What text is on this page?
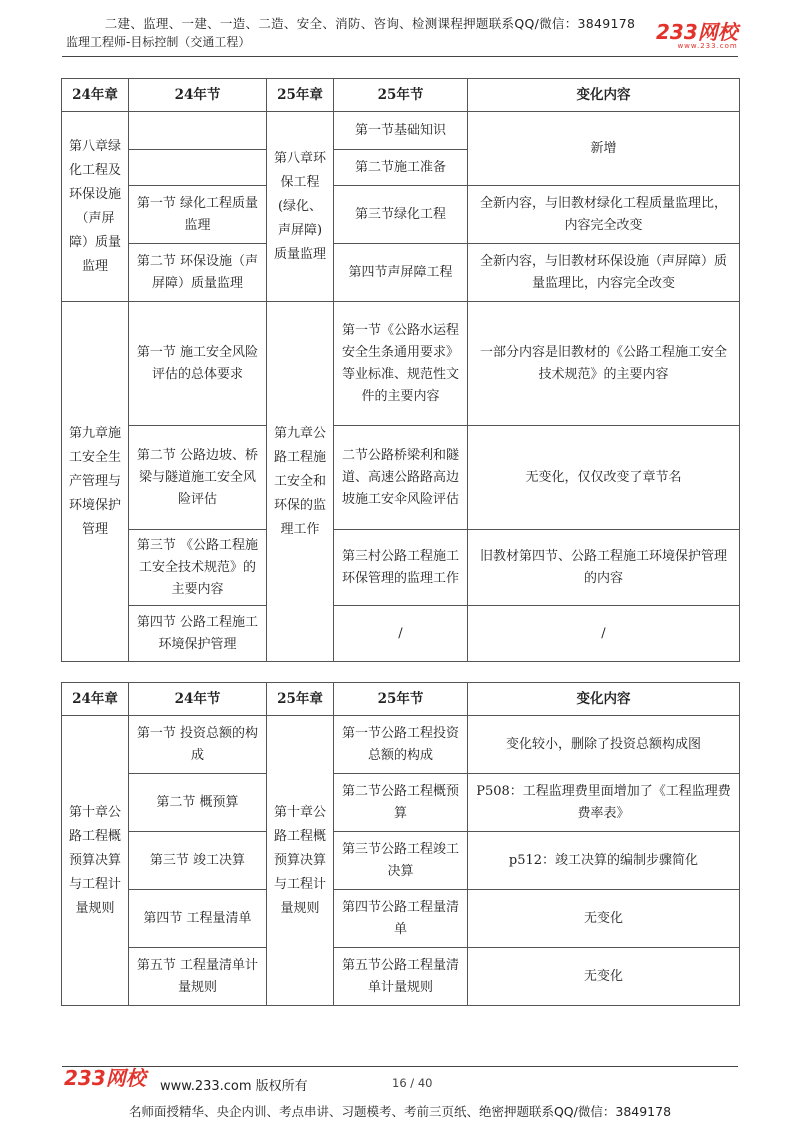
二建、监理、一建、一造、二造、安全、消防、咨询、检测课程押题联系QQ/微信：3849178
监理工程师-目标控制（交通工程）	233网校
www.233.com
24年章	24年节	25年章	25年节	变化内容
第八章绿化工程及环保设施（声屏障）质量监理		第八章环保工程(绿化、声屏障)质量监理	第一节基础知识	新增
			第二节施工准备	
	第一节 绿化工程质量监理		第三节绿化工程	全新内容，与旧教材绿化工程质量监理比，内容完全改变
	第二节 环保设施（声屏障）质量监理		第四节声屏障工程	全新内容，与旧教材环保设施（声屏障）质量监理比，内容完全改变
第九章施工安全生产管理与环境保护管理	第一节 施工安全风险评估的总体要求	第九章公路工程施工安全和环保的监理工作	第一节《公路水运程安全生条通用要求》等业标准、规范性文件的主要内容	一部分内容是旧教材的《公路工程施工安全技术规范》的主要内容
	第二节 公路边坡、桥梁与隧道施工安全风险评估		二节公路桥梁利和隧道、高速公路路高边坡施工安伞风险评估	无变化，仅仅改变了章节名
	第三节 《公路工程施工安全技术规范》的主要内容		第三村公路工程施工环保管理的监理工作	旧教材第四节、公路工程施工环境保护管理的内容
	第四节 公路工程施工环境保护管理		/	/
24年章	24年节	25年章	25年节	变化内容
第十章公路工程概预算决算与工程计量规则	第一节 投资总额的构成	第十章公路工程概预算决算与工程计量规则	第一节公路工程投资总额的构成	变化较小，删除了投资总额构成图
	第二节 概预算		第二节公路工程概预算	P508：工程监理费里面增加了《工程监理费费率表》
	第三节 竣工决算		第三节公路工程竣工决算	p512：竣工决算的编制步骤简化
	第四节 工程量清单		第四节公路工程量清单	无变化
	第五节 工程量清单计量规则		第五节公路工程量清单计量规则	无变化
233网校 www.233.com 版权所有	16 / 40
名师面授精华、央企内训、考点串讲、习题模考、考前三页纸、绝密押题联系QQ/微信：3849178
